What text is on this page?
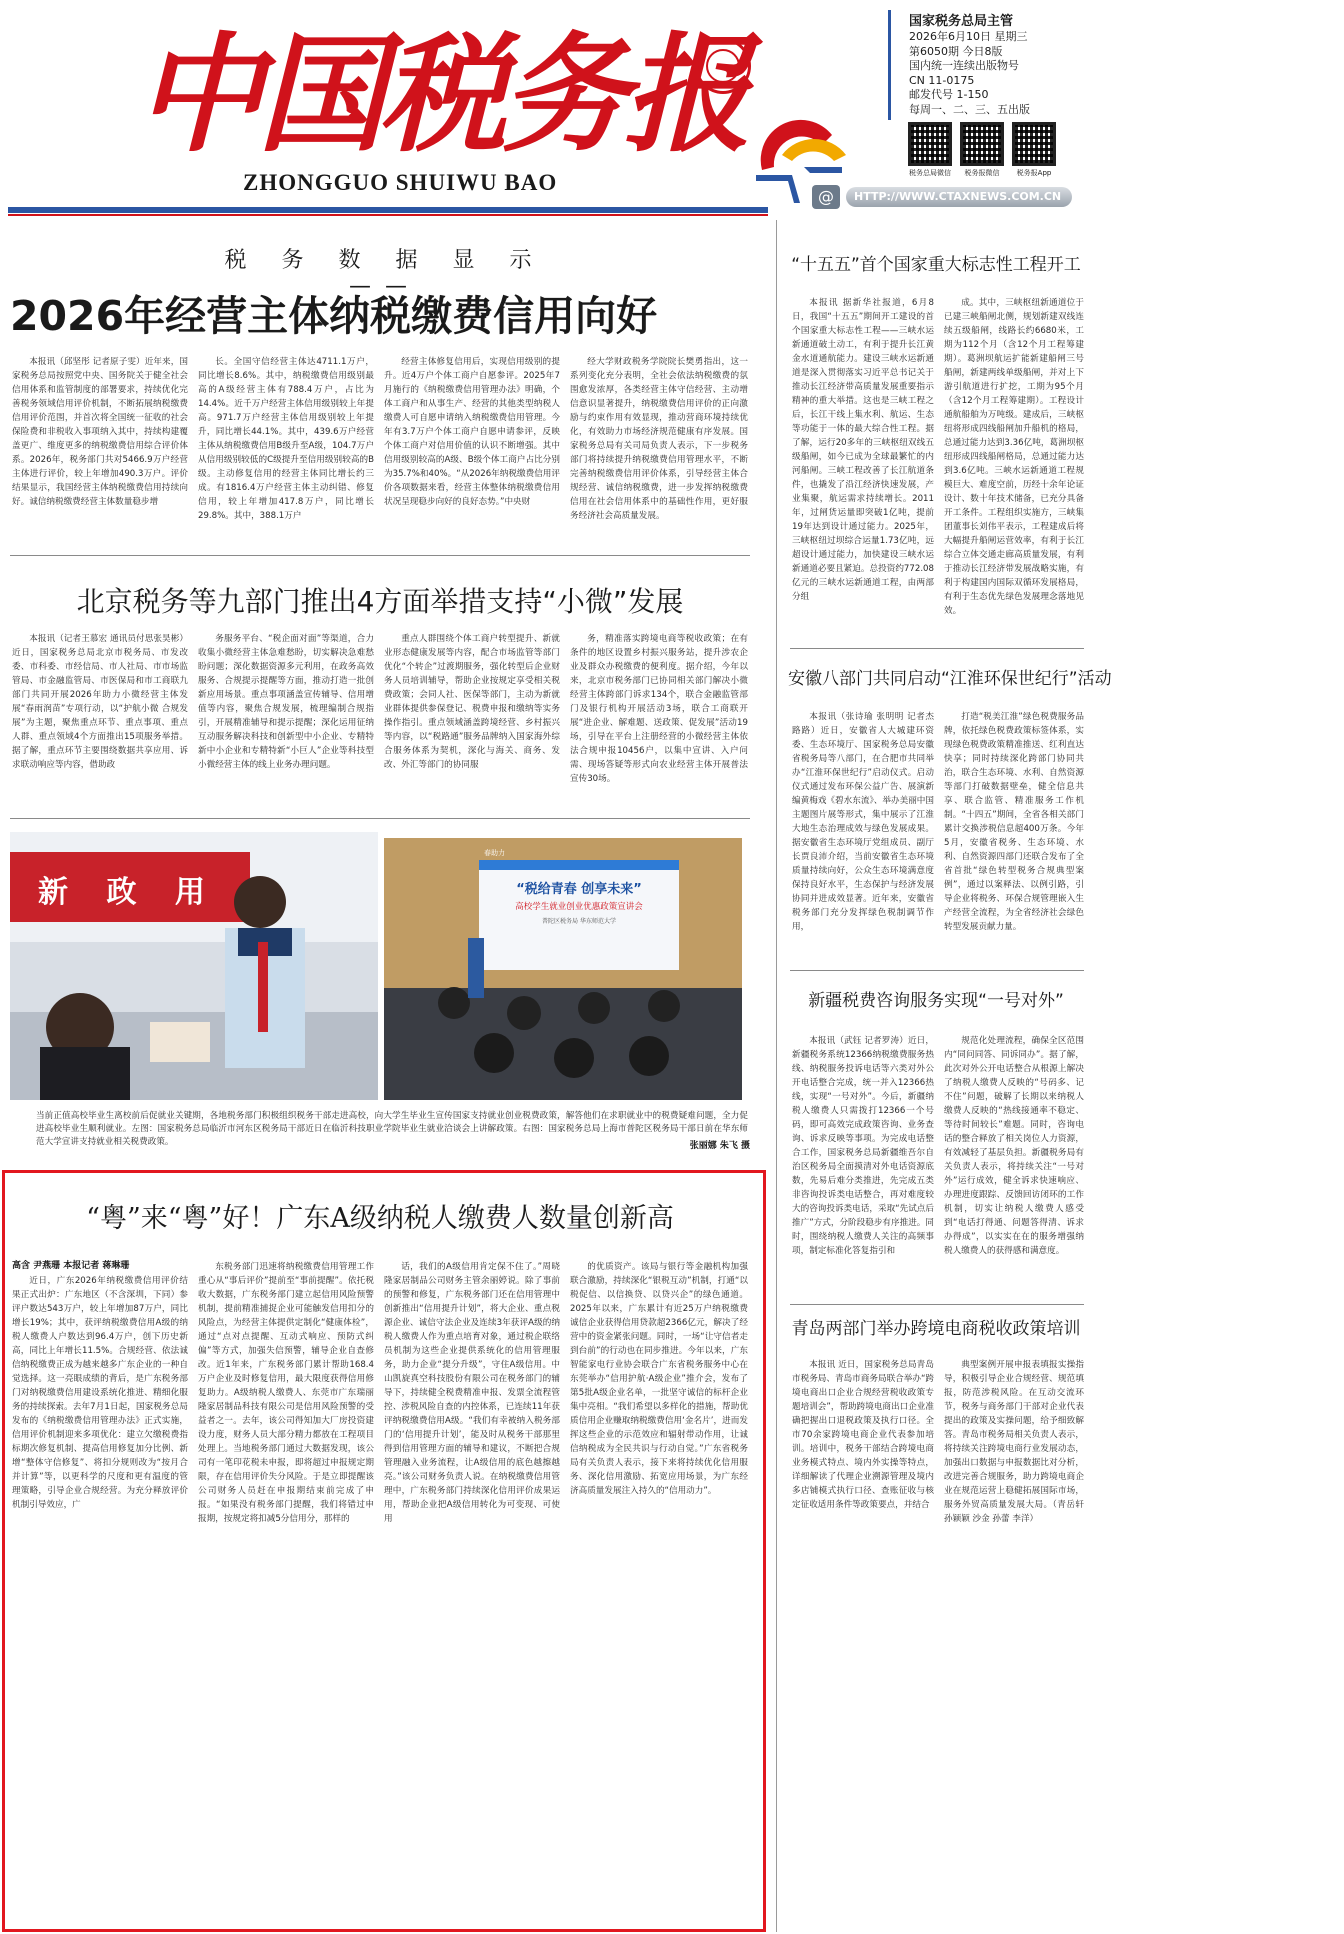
中国税务报
ZHONGGUO SHUIWU BAO
国家税务总局主管
2026年6月10日 星期三
第6050期 今日8版
国内统一连续出版物号
CN 11-0175
邮发代号 1-150
每周一、二、三、五出版
税务总局微信	税务报微信	税务报App
@	HTTP://WWW.CTAXNEWS.COM.CN
税 务 数 据 显 示 ——
2026年经营主体纳税缴费信用向好

本报讯（邱坚彤 记者原子雯）近年来，国家税务总局按照党中央、国务院关于健全社会信用体系和监管制度的部署要求，持续优化完善税务领域信用评价机制，不断拓展纳税缴费信用评价范围，并首次将全国统一征收的社会保险费和非税收入事项纳入其中，持续构建覆盖更广、维度更多的纳税缴费信用综合评价体系。2026年，税务部门共对5466.9万户经营主体进行评价，较上年增加490.3万户。评价结果显示，我国经营主体纳税缴费信用持续向好。诚信纳税缴费经营主体数量稳步增

长。全国守信经营主体达4711.1万户，同比增长8.6%。其中，纳税缴费信用级别最高的A级经营主体有788.4万户，占比为14.4%。近千万户经营主体信用级别较上年提高。971.7万户经营主体信用级别较上年提升，同比增长44.1%。其中，439.6万户经营主体从纳税缴费信用B级升至A级，104.7万户从信用级别较低的C级提升至信用级别较高的B级。主动修复信用的经营主体同比增长约三成。有1816.4万户经营主体主动纠错、修复信用，较上年增加417.8万户，同比增长29.8%。其中，388.1万户

经营主体修复信用后，实现信用级别的提升。近4万户个体工商户自愿参评。2025年7月施行的《纳税缴费信用管理办法》明确，个体工商户和从事生产、经营的其他类型纳税人缴费人可自愿申请纳入纳税缴费信用管理。今年有3.7万户个体工商户自愿申请参评，反映个体工商户对信用价值的认识不断增强。其中信用级别较高的A级、B级个体工商户占比分别为35.7%和40%。“从2026年纳税缴费信用评价各项数据来看，经营主体整体纳税缴费信用状况呈现稳步向好的良好态势。”中央财

经大学财政税务学院院长樊勇指出，这一系列变化充分表明，全社会依法纳税缴费的氛围愈发浓厚，各类经营主体守信经营、主动增信意识显著提升，纳税缴费信用评价的正向激励与约束作用有效显现，推动营商环境持续优化，有效助力市场经济规范健康有序发展。国家税务总局有关司局负责人表示，下一步税务部门将持续提升纳税缴费信用管理水平，不断完善纳税缴费信用评价体系，引导经营主体合规经营、诚信纳税缴费，进一步发挥纳税缴费信用在社会信用体系中的基础性作用，更好服务经济社会高质量发展。

北京税务等九部门推出4方面举措支持“小微”发展

本报讯（记者王慕宏 通讯员付思张昊彬）近日，国家税务总局北京市税务局、市发改委、市科委、市经信局、市人社局、市市场监管局、市金融监管局、市医保局和市工商联九部门共同开展2026年助力小微经营主体发展“春雨润苗”专项行动，以“护航小微 合规发展”为主题，聚焦重点环节、重点事项、重点人群、重点领域4个方面推出15项服务举措。据了解，重点环节主要围绕数据共享应用、诉求联动响应等内容，借助政

务服务平台、“税企面对面”等渠道，合力收集小微经营主体急难愁盼，切实解决急难愁盼问题；深化数据资源多元利用，在政务高效服务、合规提示提醒等方面，推动打造一批创新应用场景。重点事项涵盖宣传辅导、信用增值等内容，聚焦合规发展，梳理编制合规指引，开展精准辅导和提示提醒；深化运用征纳互动服务解决科技和创新型中小企业、专精特新中小企业和专精特新“小巨人”企业等科技型小微经营主体的线上业务办理问题。

重点人群围绕个体工商户转型提升、新就业形态健康发展等内容，配合市场监管等部门优化“个转企”过渡期服务，强化转型后企业财务人员培训辅导，帮助企业按规定享受相关税费政策；会同人社、医保等部门，主动为新就业群体提供参保登记、税费申报和缴纳等实务操作指引。重点领域涵盖跨境经营、乡村振兴等内容，以“税路通”服务品牌纳入国家海外综合服务体系为契机，深化与海关、商务、发改、外汇等部门的协同服

务，精准落实跨境电商等税收政策；在有条件的地区设置乡村振兴服务站，提升涉农企业及群众办税缴费的便利度。据介绍，今年以来，北京市税务部门已协同相关部门解决小微经营主体跨部门诉求134个，联合金融监管部门及银行机构开展活动3场，联合工商联开展“进企业、解难题、送政策、促发展”活动19场，引导在平台上注册经营的小微经营主体依法合规申报10456户，以集中宣讲、入户问需、现场答疑等形式向农业经营主体开展普法宣传30场。

新 政 用	“税给青春 创享未来”
高校学生就业创业优惠政策宣讲会
普陀区税务局 华东师范大学
春助力
当前正值高校毕业生离校前后促就业关键期，各地税务部门积极组织税务干部走进高校，向大学生毕业生宣传国家支持就业创业税费政策，解答他们在求职就业中的税费疑难问题，全力促进高校毕业生顺利就业。左图：国家税务总局临沂市河东区税务局干部近日在临沂科技职业学院毕业生就业洽谈会上讲解政策。右图：国家税务总局上海市普陀区税务局干部日前在华东师范大学宣讲支持就业相关税费政策。	张丽娜 朱飞 摄
“粤”来“粤”好！广东A级纳税人缴费人数量创新高
高含 尹燕珊 本报记者 蒋琳珊

近日，广东2026年纳税缴费信用评价结果正式出炉：广东地区（不含深圳，下同）参评户数达543万户，较上年增加87万户，同比增长19%；其中，获评纳税缴费信用A级的纳税人缴费人户数达到96.4万户，创下历史新高，同比上年增长11.5%。合规经营、依法诚信纳税缴费正成为越来越多广东企业的一种自觉选择。这一亮眼成绩的背后，是广东税务部门对纳税缴费信用建设系统化推进、精细化服务的持续探索。去年7月1日起，国家税务总局发布的《纳税缴费信用管理办法》正式实施，信用评价机制迎来多项优化：建立欠缴税费指标期次修复机制、提高信用修复加分比例、新增“整体守信修复”、将扣分规则改为“按月合并计算”等，以更科学的尺度和更有温度的管理策略，引导企业合规经营。为充分释放评价机制引导效应，广

东税务部门迅速将纳税缴费信用管理工作重心从“事后评价”提前至“事前提醒”。依托税收大数据，广东税务部门建立起信用风险预警机制，提前精准捕捉企业可能触发信用扣分的风险点，为经营主体提供定制化“健康体检”，通过“点对点提醒、互动式响应、预防式纠偏”等方式，加强失信预警，辅导企业自查修改。近1年来，广东税务部门累计帮助168.4万户企业及时修复信用，最大限度获得信用修复助力。A级纳税人缴费人、东莞市广东瑞丽隆家居制品科技有限公司是信用风险预警的受益者之一。去年，该公司得知加大厂房投资建设力度，财务人员大部分精力都放在工程项目处理上。当地税务部门通过大数据发现，该公司有一笔印花税未申报，即将超过申报规定期限，存在信用评价失分风险。于是立即提醒该公司财务人员赶在申报期结束前完成了申报。“如果没有税务部门提醒，我们将错过申报期，按规定将扣减5分信用分，那样的

话，我们的A级信用肯定保不住了。”周晓隆家居制品公司财务主管余丽婷说。除了事前的预警和修复，广东税务部门还在信用管理中创新推出“信用提升计划”，将大企业、重点税源企业、诚信守法企业及连续3年获评A级的纳税人缴费人作为重点培育对象，通过税企联络员机制为这些企业提供系统化的信用管理服务，助力企业“提分升级”，守住A级信用。中山凯旋真空科技股份有限公司在税务部门的辅导下，持续健全税费精准申报、发票全流程管控、涉税风险自查的内控体系，已连续11年获评纳税缴费信用A级。“我们有幸被纳入税务部门的‘信用提升计划’，能及时从税务干部那里得到信用管理方面的辅导和建议，不断把合规管理融入业务流程，让A级信用的底色越擦越亮。”该公司财务负责人说。在纳税缴费信用管理中，广东税务部门持续深化信用评价成果运用，帮助企业把A级信用转化为可变现、可使用

的优质资产。该局与银行等金融机构加强联合激励，持续深化“银税互动”机制，打通“以税促信、以信换贷、以贷兴企”的绿色通道。2025年以来，广东累计有近25万户纳税缴费诚信企业获得信用贷款超2366亿元，解决了经营中的资金紧张问题。同时，一场“让守信者走到台前”的行动也在同步推进。今年以来，广东智能家电行业协会联合广东省税务服务中心在东莞举办“信用护航·A级企业”推介会，发布了第5批A级企业名单，一批坚守诚信的标杆企业集中亮相。“我们希望以多样化的措施，帮助优质信用企业赚取纳税缴费信用‘金名片’，进而发挥这些企业的示范效应和辐射带动作用，让诚信纳税成为全民共识与行动自觉。”广东省税务局有关负责人表示，接下来将持续优化信用服务、深化信用激励、拓宽应用场景，为广东经济高质量发展注入持久的“信用动力”。

“十五五”首个国家重大标志性工程开工

本报讯 据新华社报道，6月8日，我国“十五五”期间开工建设的首个国家重大标志性工程——三峡水运新通道破土动工，有利于提升长江黄金水道通航能力。建设三峡水运新通道是深入贯彻落实习近平总书记关于推动长江经济带高质量发展重要指示精神的重大举措。这也是三峡工程之后，长江干线上集水利、航运、生态等功能于一体的最大综合性工程。据了解，运行20多年的三峡枢纽双线五级船闸，如今已成为全球最繁忙的内河船闸。三峡工程改善了长江航道条件，也撬发了沿江经济快速发展，产业集聚，航运需求持续增长。2011年，过闸货运量即突破1亿吨，提前19年达到设计通过能力。2025年，三峡枢纽过坝综合运量1.73亿吨，远超设计通过能力，加快建设三峡水运新通道必要且紧迫。总投资约772.08亿元的三峡水运新通道工程，由两部分组

成。其中，三峡枢纽新通道位于已建三峡船闸北侧，规划新建双线连续五级船闸，线路长约6680米，工期为112个月（含12个月工程筹建期）。葛洲坝航运扩能新建船闸三号船闸，新建两线单级船闸，并对上下游引航道进行扩挖，工期为95个月（含12个月工程筹建期）。工程设计通航船舶为万吨级。建成后，三峡枢纽将形成四线船闸加升船机的格局，总通过能力达到3.36亿吨，葛洲坝枢纽形成四线船闸格局，总通过能力达到3.6亿吨。三峡水运新通道工程规模巨大、难度空前，历经十余年论证设计、数十年技术储备，已充分具备开工条件。工程组织实施方，三峡集团董事长刘伟平表示，工程建成后将大幅提升船闸运营效率，有利于长江综合立体交通走廊高质量发展，有利于推动长江经济带发展战略实施，有利于构建国内国际双循环发展格局，有利于生态优先绿色发展理念落地见效。

安徽八部门共同启动“江淮环保世纪行”活动

本报讯（张诗瑜 张明明 记者杰路路）近日，安徽省人大城建环资委、生态环境厅、国家税务总局安徽省税务局等八部门，在合肥市共同举办“江淮环保世纪行”启动仪式。启动仪式通过发布环保公益广告、展演新编黄梅戏《碧水东流》、举办美丽中国主题图片展等形式，集中展示了江淮大地生态治理成效与绿色发展成果。据安徽省生态环境厅党组成员、副厅长贾良沛介绍，当前安徽省生态环境质量持续向好，公众生态环境满意度保持良好水平，生态保护与经济发展协同并进成效显著。近年来，安徽省税务部门充分发挥绿色税制调节作用，

打造“税美江淮”绿色税费服务品牌，依托绿色税费政策标签体系，实现绿色税费政策精准推送、红利直达快享；同时持续深化跨部门协同共治，联合生态环境、水利、自然资源等部门打破数据壁垒，健全信息共享、联合监管、精准服务工作机制。“十四五”期间，全省各相关部门累计交换涉税信息超400万条。今年5月，安徽省税务、生态环境、水利、自然资源四部门还联合发布了全省首批“绿色转型税务合规典型案例”，通过以案释法、以例引路，引导企业将税务、环保合规管理嵌入生产经营全流程，为全省经济社会绿色转型发展贡献力量。

新疆税费咨询服务实现“一号对外”

本报讯（武钰 记者罗涛）近日，新疆税务系统12366纳税缴费服务热线、纳税服务投诉电话等六类对外公开电话整合完成，统一并入12366热线，实现“一号对外”。今后，新疆纳税人缴费人只需拨打12366一个号码，即可高效完成政策咨询、业务查询、诉求反映等事项。为完成电话整合工作，国家税务总局新疆维吾尔自治区税务局全面摸清对外电话资源底数，先易后难分类推进，先完成五类非咨询投诉类电话整合，再对难度较大的咨询投诉类电话，采取“先试点后推广”方式，分阶段稳步有序推进。同时，围绕纳税人缴费人关注的高频事项，制定标准化答复指引和

规范化处理流程，确保全区范围内“同问同答、同诉同办”。据了解，此次对外公开电话整合从根源上解决了纳税人缴费人反映的“号码多、记不住”问题，破解了长期以来纳税人缴费人反映的“热线接通率不稳定、等待时间较长”难题。同时，咨询电话的整合释放了相关岗位人力资源，有效减轻了基层负担。新疆税务局有关负责人表示，将持续关注“一号对外”运行成效，健全诉求快速响应、办理进度跟踪、反馈回访闭环的工作机制，切实让纳税人缴费人感受到“电话打得通、问题答得清、诉求办得成”，以实实在在的服务增强纳税人缴费人的获得感和满意度。

青岛两部门举办跨境电商税收政策培训

本报讯 近日，国家税务总局青岛市税务局、青岛市商务局联合举办“跨境电商出口企业合规经营税收政策专题培训会”，帮助跨境电商出口企业准确把握出口退税政策及执行口径。全市70余家跨境电商企业代表参加培训。培训中，税务干部结合跨境电商业务模式特点、境内外实操等特点，详细解读了代理企业溯源管理及境内多店铺模式执行口径、查账征收与核定征收适用条件等政策要点，并结合

典型案例开展申报表填报实操指导，积极引导企业合规经营、规范填报，防范涉税风险。在互动交流环节，税务与商务部门干部对企业代表提出的政策及实操问题，给予细致解答。青岛市税务局相关负责人表示，将持续关注跨境电商行业发展动态，加强出口数据与申报数据比对分析，改进完善合规服务，助力跨境电商企业在规范运营上稳健拓展国际市场，服务外贸高质量发展大局。（青岳轩 孙颖颖 沙金 孙蕾 李洋）
